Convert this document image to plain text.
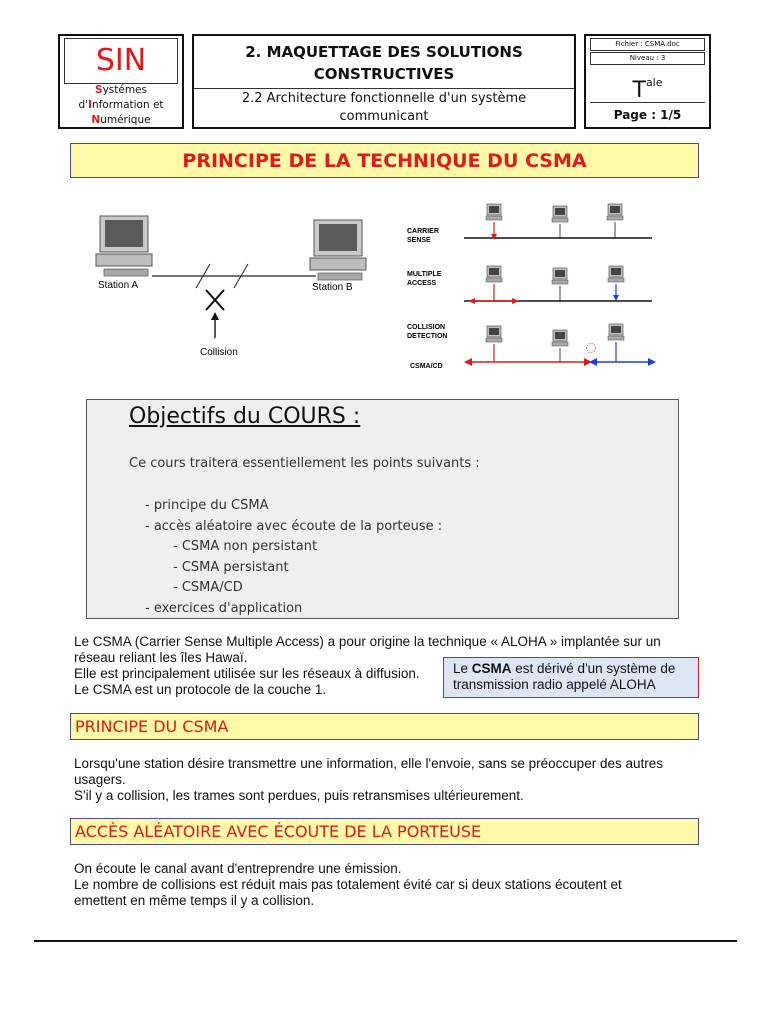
SIN
Systémes
d'Information et
Numérique
2. MAQUETTAGE DES SOLUTIONS CONSTRUCTIVES
2.2 Architecture fonctionnelle d'un système communicant
Fichier : CSMA.doc
Niveau : 3
$T^{ale}$
Page : 1/5
PRINCIPE DE LA TECHNIQUE DU CSMA
Station A	Station B
Collision
CARRIER
SENSE
MULTIPLE
ACCESS
COLLISION
DETECTION
CSMA/CD
Objectifs du COURS :
Ce cours traitera essentiellement les points suivants :
- principe du CSMA
- accès aléatoire avec écoute de la porteuse :
- CSMA non persistant
- CSMA persistant
- CSMA/CD
- exercices d'application
Le CSMA (Carrier Sense Multiple Access) a pour origine la technique « ALOHA » implantée sur un
réseau reliant les îles Hawaï.
Elle est principalement utilisée sur les réseaux à diffusion.
Le CSMA est un protocole de la couche 1.
Le CSMA est dérivé d'un système de transmission radio appelé ALOHA
PRINCIPE DU CSMA
Lorsqu'une station désire transmettre une information, elle l'envoie, sans se préoccuper des autres
usagers.
S'il y a collision, les trames sont perdues, puis retransmises ultérieurement.
ACCÈS ALÉATOIRE AVEC ÉCOUTE DE LA PORTEUSE
On écoute le canal avant d'entreprendre une émission.
Le nombre de collisions est réduit mais pas totalement évité car si deux stations écoutent et
emettent en même temps il y a collision.
